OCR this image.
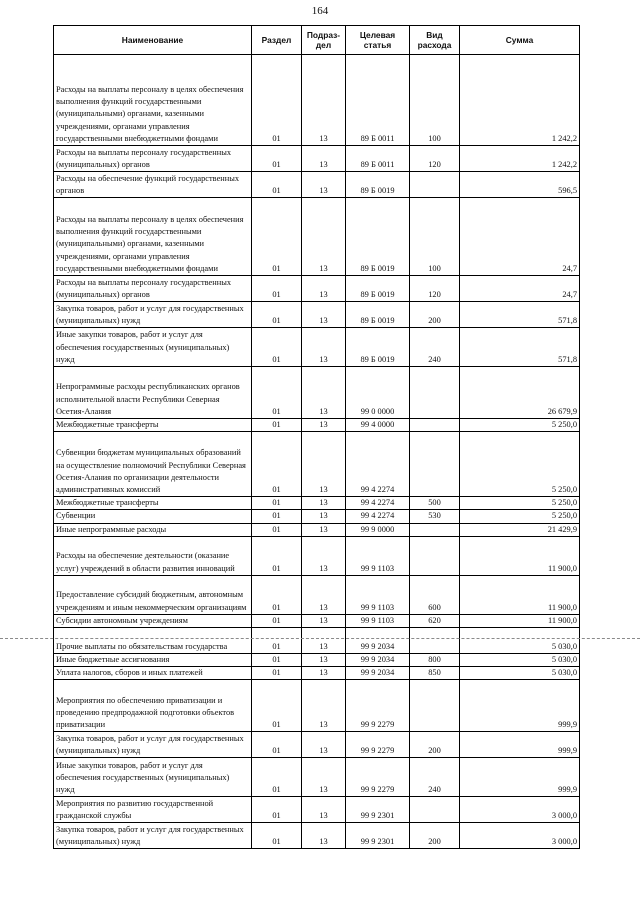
164
Наименование	Раздел	Подраз-дел	Целевая статья	Вид расхода	Сумма

Расходы на выплаты персоналу в целях обеспечения выполнения функций государственными (муниципальными) органами, казенными учреждениями, органами управления государственными внебюджетными фондами	01	13	89 Б 0011	100	1 242,2

Расходы на выплаты персоналу государственных (муниципальных) органов	01	13	89 Б 0011	120	1 242,2

Расходы на обеспечение функций государственных органов	01	13	89 Б 0019		596,5

Расходы на выплаты персоналу в целях обеспечения выполнения функций государственными (муниципальными) органами, казенными учреждениями, органами управления государственными внебюджетными фондами	01	13	89 Б 0019	100	24,7

Расходы на выплаты персоналу государственных (муниципальных) органов	01	13	89 Б 0019	120	24,7

Закупка товаров, работ и услуг для государственных (муниципальных) нужд	01	13	89 Б 0019	200	571,8

Иные закупки товаров, работ и услуг для обеспечения государственных (муниципальных) нужд	01	13	89 Б 0019	240	571,8

Непрограммные расходы республиканских органов исполнительной власти Республики Северная Осетия-Алания	01	13	99 0 0000		26 679,9

Межбюджетные трансферты	01	13	99 4 0000		5 250,0

Субвенции бюджетам муниципальных образований на осуществление полномочий Республики Северная Осетия-Алания по организации деятельности административных комиссий	01	13	99 4 2274		5 250,0

Межбюджетные трансферты	01	13	99 4 2274	500	5 250,0

Субвенции	01	13	99 4 2274	530	5 250,0

Иные непрограммные расходы	01	13	99 9 0000		21 429,9

Расходы на обеспечение деятельности (оказание услуг) учреждений в области развития инноваций	01	13	99 9 1103		11 900,0

Предоставление субсидий бюджетным, автономным учреждениям и иным некоммерческим организациям	01	13	99 9 1103	600	11 900,0

Субсидии автономным учреждениям	01	13	99 9 1103	620	11 900,0

Прочие выплаты по обязательствам государства	01	13	99 9 2034		5 030,0

Иные бюджетные ассигнования	01	13	99 9 2034	800	5 030,0

Уплата налогов, сборов и иных платежей	01	13	99 9 2034	850	5 030,0

Мероприятия по обеспечению приватизации и проведению предпродажной подготовки объектов приватизации	01	13	99 9 2279		999,9

Закупка товаров, работ и услуг для государственных (муниципальных) нужд	01	13	99 9 2279	200	999,9

Иные закупки товаров, работ и услуг для обеспечения государственных (муниципальных) нужд	01	13	99 9 2279	240	999,9

Мероприятия по развитию государственной гражданской службы	01	13	99 9 2301		3 000,0

Закупка товаров, работ и услуг для государственных (муниципальных) нужд	01	13	99 9 2301	200	3 000,0
